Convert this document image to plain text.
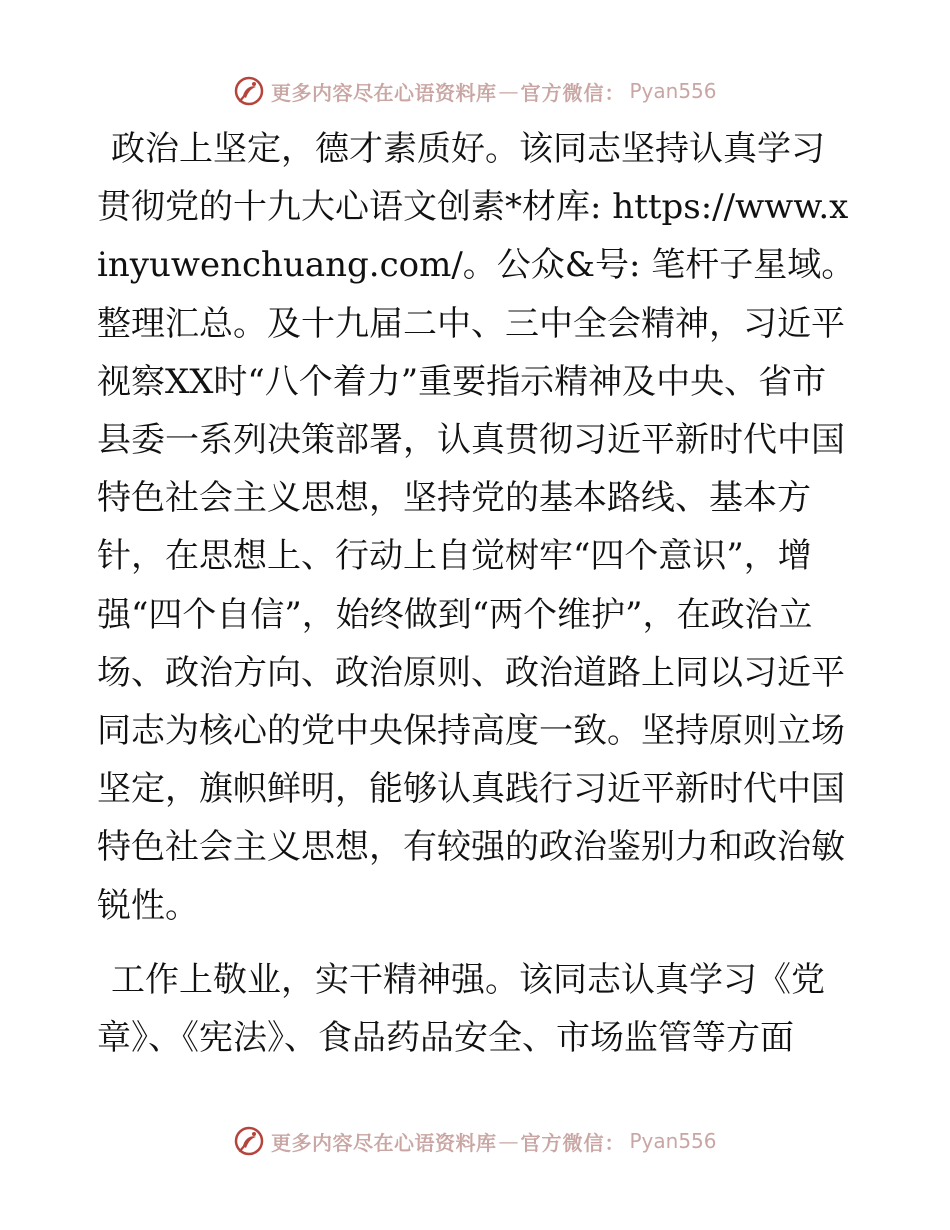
更多内容尽在心语资料库 — 官方微信： Pyan556

政治上坚定，德才素质好。该同志坚持认真学习贯彻党的十九大心语文创素*材库: https://www.xinyuwenchuang.com/。公众&号: 笔杆子星域。整理汇总。及十九届二中、三中全会精神，习近平视察XX时“八个着力”重要指示精神及中央、省市县委一系列决策部署，认真贯彻习近平新时代中国特色社会主义思想，坚持党的基本路线、基本方针，在思想上、行动上自觉树牢“四个意识”，增强“四个自信”，始终做到“两个维护”，在政治立场、政治方向、政治原则、政治道路上同以习近平同志为核心的党中央保持高度一致。坚持原则立场坚定，旗帜鲜明，能够认真践行习近平新时代中国特色社会主义思想，有较强的政治鉴别力和政治敏锐性。

工作上敬业，实干精神强。该同志认真学习《党章》、《宪法》、食品药品安全、市场监管等方面

更多内容尽在心语资料库 — 官方微信： Pyan556
